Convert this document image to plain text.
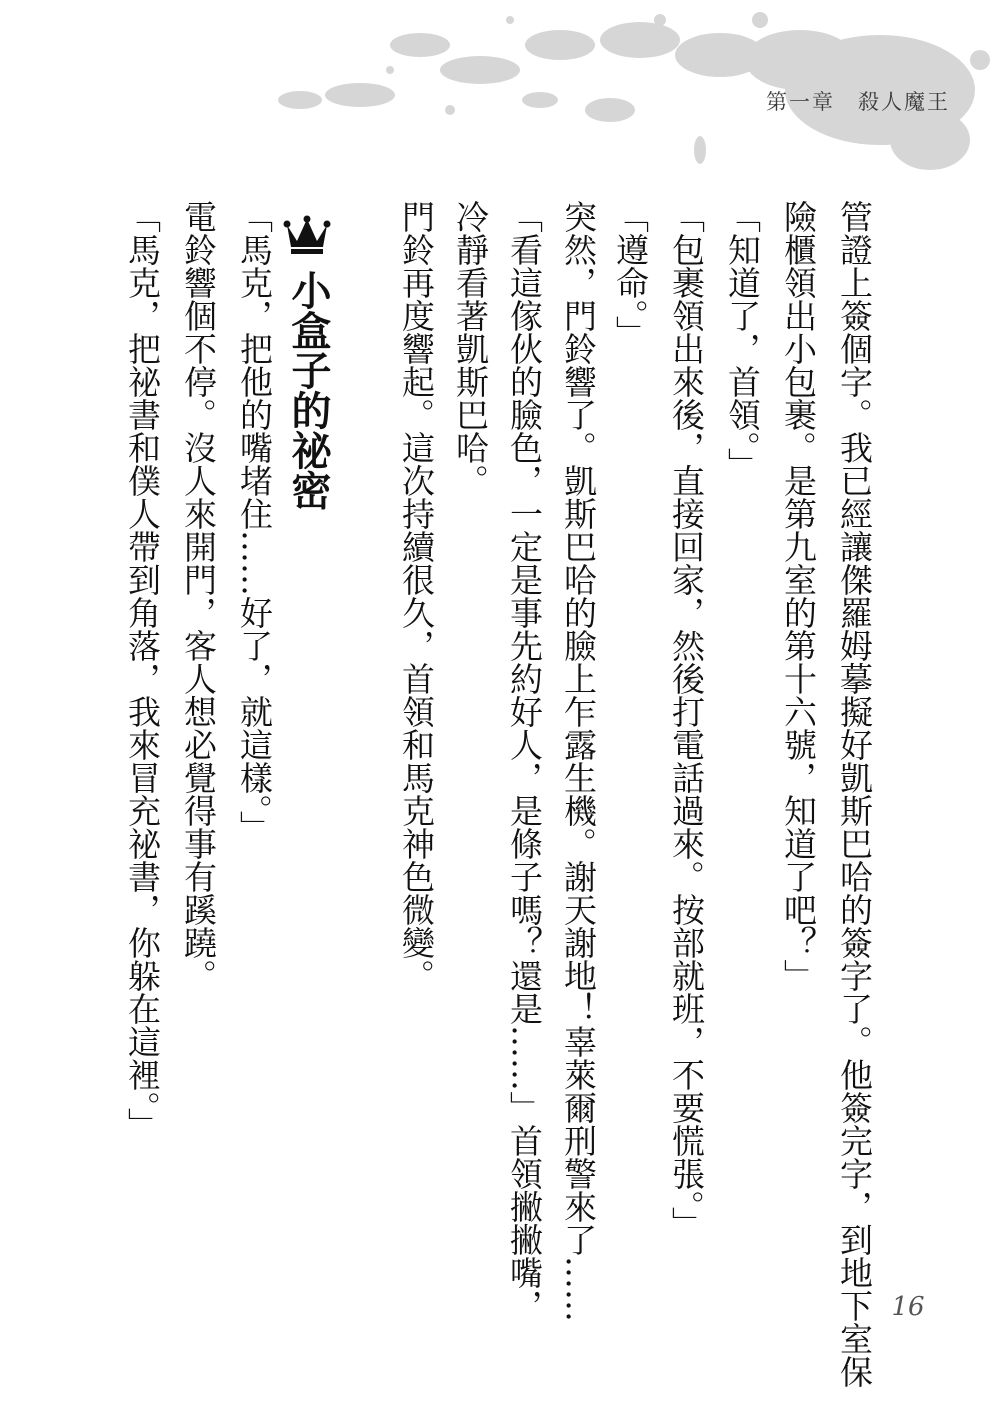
第一章　殺人魔王
管證上簽個字。我已經讓傑羅姆摹擬好凱斯巴哈的簽字了。他簽完字，到地下室保
險櫃領出小包裹。是第九室的第十六號，知道了吧？」
「知道了，首領。」
「包裹領出來後，直接回家，然後打電話過來。按部就班，不要慌張。」
「遵命。」
突然，門鈴響了。凱斯巴哈的臉上乍露生機。謝天謝地！辜萊爾刑警來了……
「看這傢伙的臉色，一定是事先約好人，是條子嗎？還是……」首領撇撇嘴，
冷靜看著凱斯巴哈。
門鈴再度響起。這次持續很久，首領和馬克神色微變。
小盒子的祕密
「馬克，把他的嘴堵住……好了，就這樣。」
電鈴響個不停。沒人來開門，客人想必覺得事有蹊蹺。
「馬克，把祕書和僕人帶到角落，我來冒充祕書，你躲在這裡。」
16
